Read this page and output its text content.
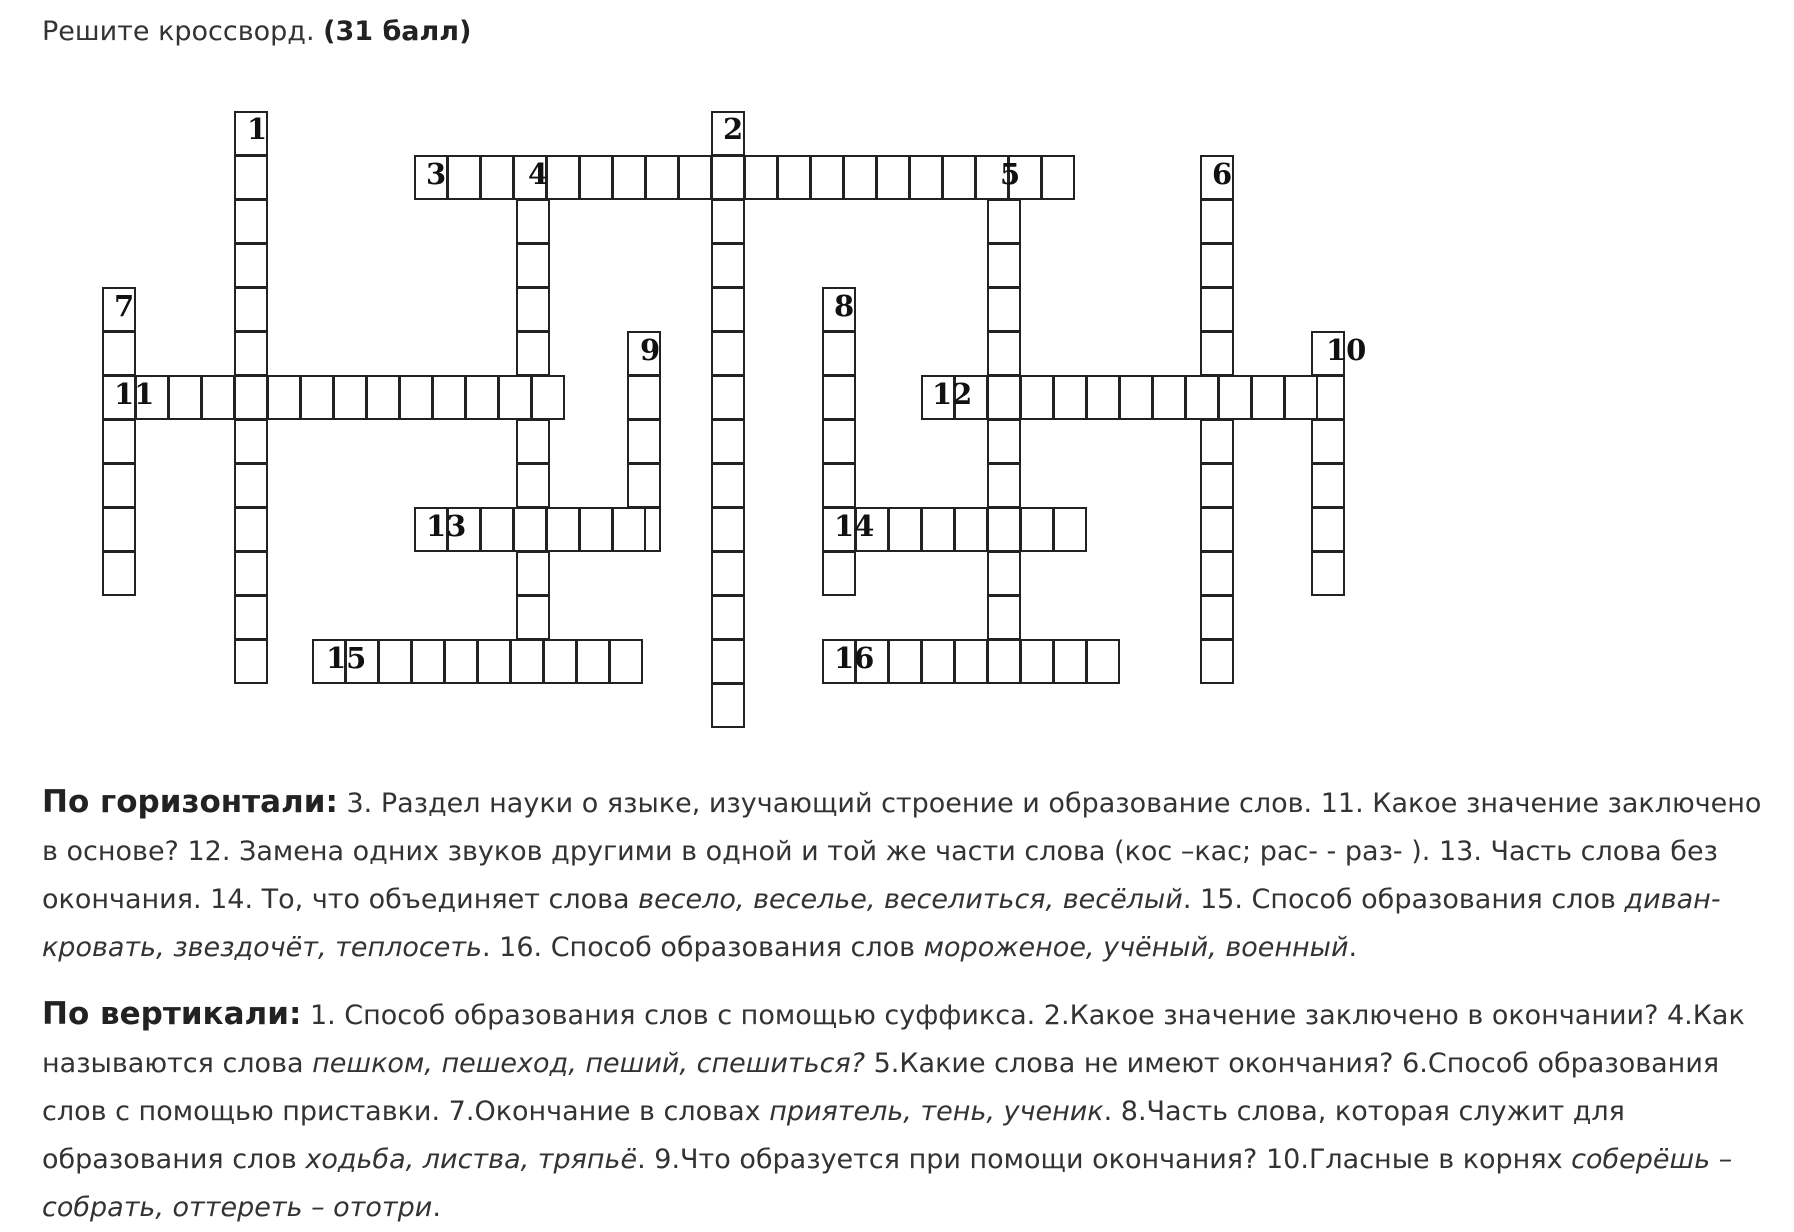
Решите кроссворд. (31 балл)
1	2
3	4	5	6
7	8
9	10
11	12
13	14
15	16
По горизонтали: 3. Раздел науки о языке, изучающий строение и образование слов. 11. Какое значение заключено в основе? 12. Замена одних звуков другими в одной и той же части слова (кос –кас; рас- - раз- ). 13. Часть слова без окончания. 14. То, что объединяет слова весело, веселье, веселиться, весёлый. 15. Способ образования слов диван-кровать, звездочёт, теплосеть. 16. Способ образования слов мороженое, учёный, военный.
По вертикали: 1. Способ образования слов с помощью суффикса. 2.Какое значение заключено в окончании? 4.Как называются слова пешком, пешеход, пеший, спешиться? 5.Какие слова не имеют окончания? 6.Способ образования слов с помощью приставки. 7.Окончание в словах приятель, тень, ученик. 8.Часть слова, которая служит для образования слов ходьба, листва, тряпьё. 9.Что образуется при помощи окончания? 10.Гласные в корнях соберёшь – собрать, оттереть – ототри.
